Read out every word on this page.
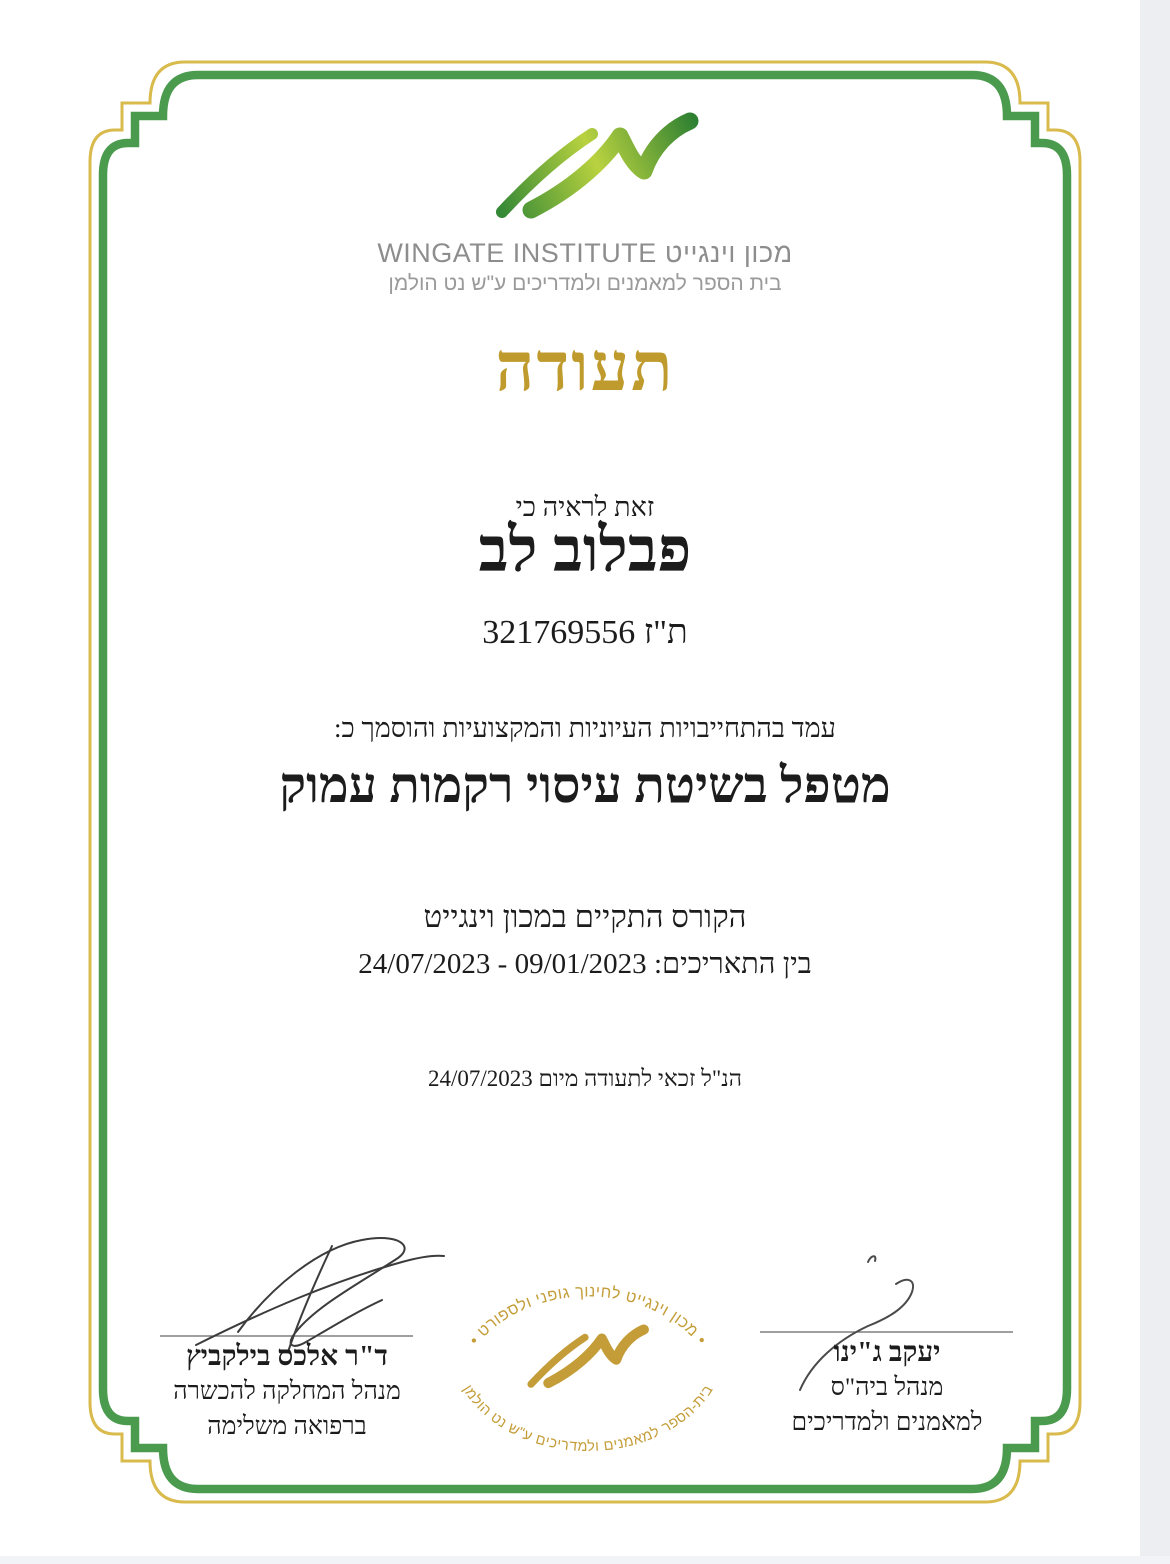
• מכון וינגייט לחינוך גופני ולספורט •
בית-הספר למאמנים ולמדריכים ע"ש נט הולמן
מכון וינגייט WINGATE INSTITUTE
בית הספר למאמנים ולמדריכים ע"ש נט הולמן
תעודה
זאת לראיה כי
פבלוב לב
ת"ז 321769556
עמד בהתחייבויות העיוניות והמקצועיות והוסמך כ:
מטפל בשיטת עיסוי רקמות עמוק
הקורס התקיים במכון וינגייט
בין התאריכים: 09/01/2023 - 24/07/2023
הנ"ל זכאי לתעודה מיום 24/07/2023
ד"ר אלכס בילקביץ
מנהל המחלקה להכשרה
ברפואה משלימה
יעקב ג"ינו
מנהל ביה"ס
למאמנים ולמדריכים
